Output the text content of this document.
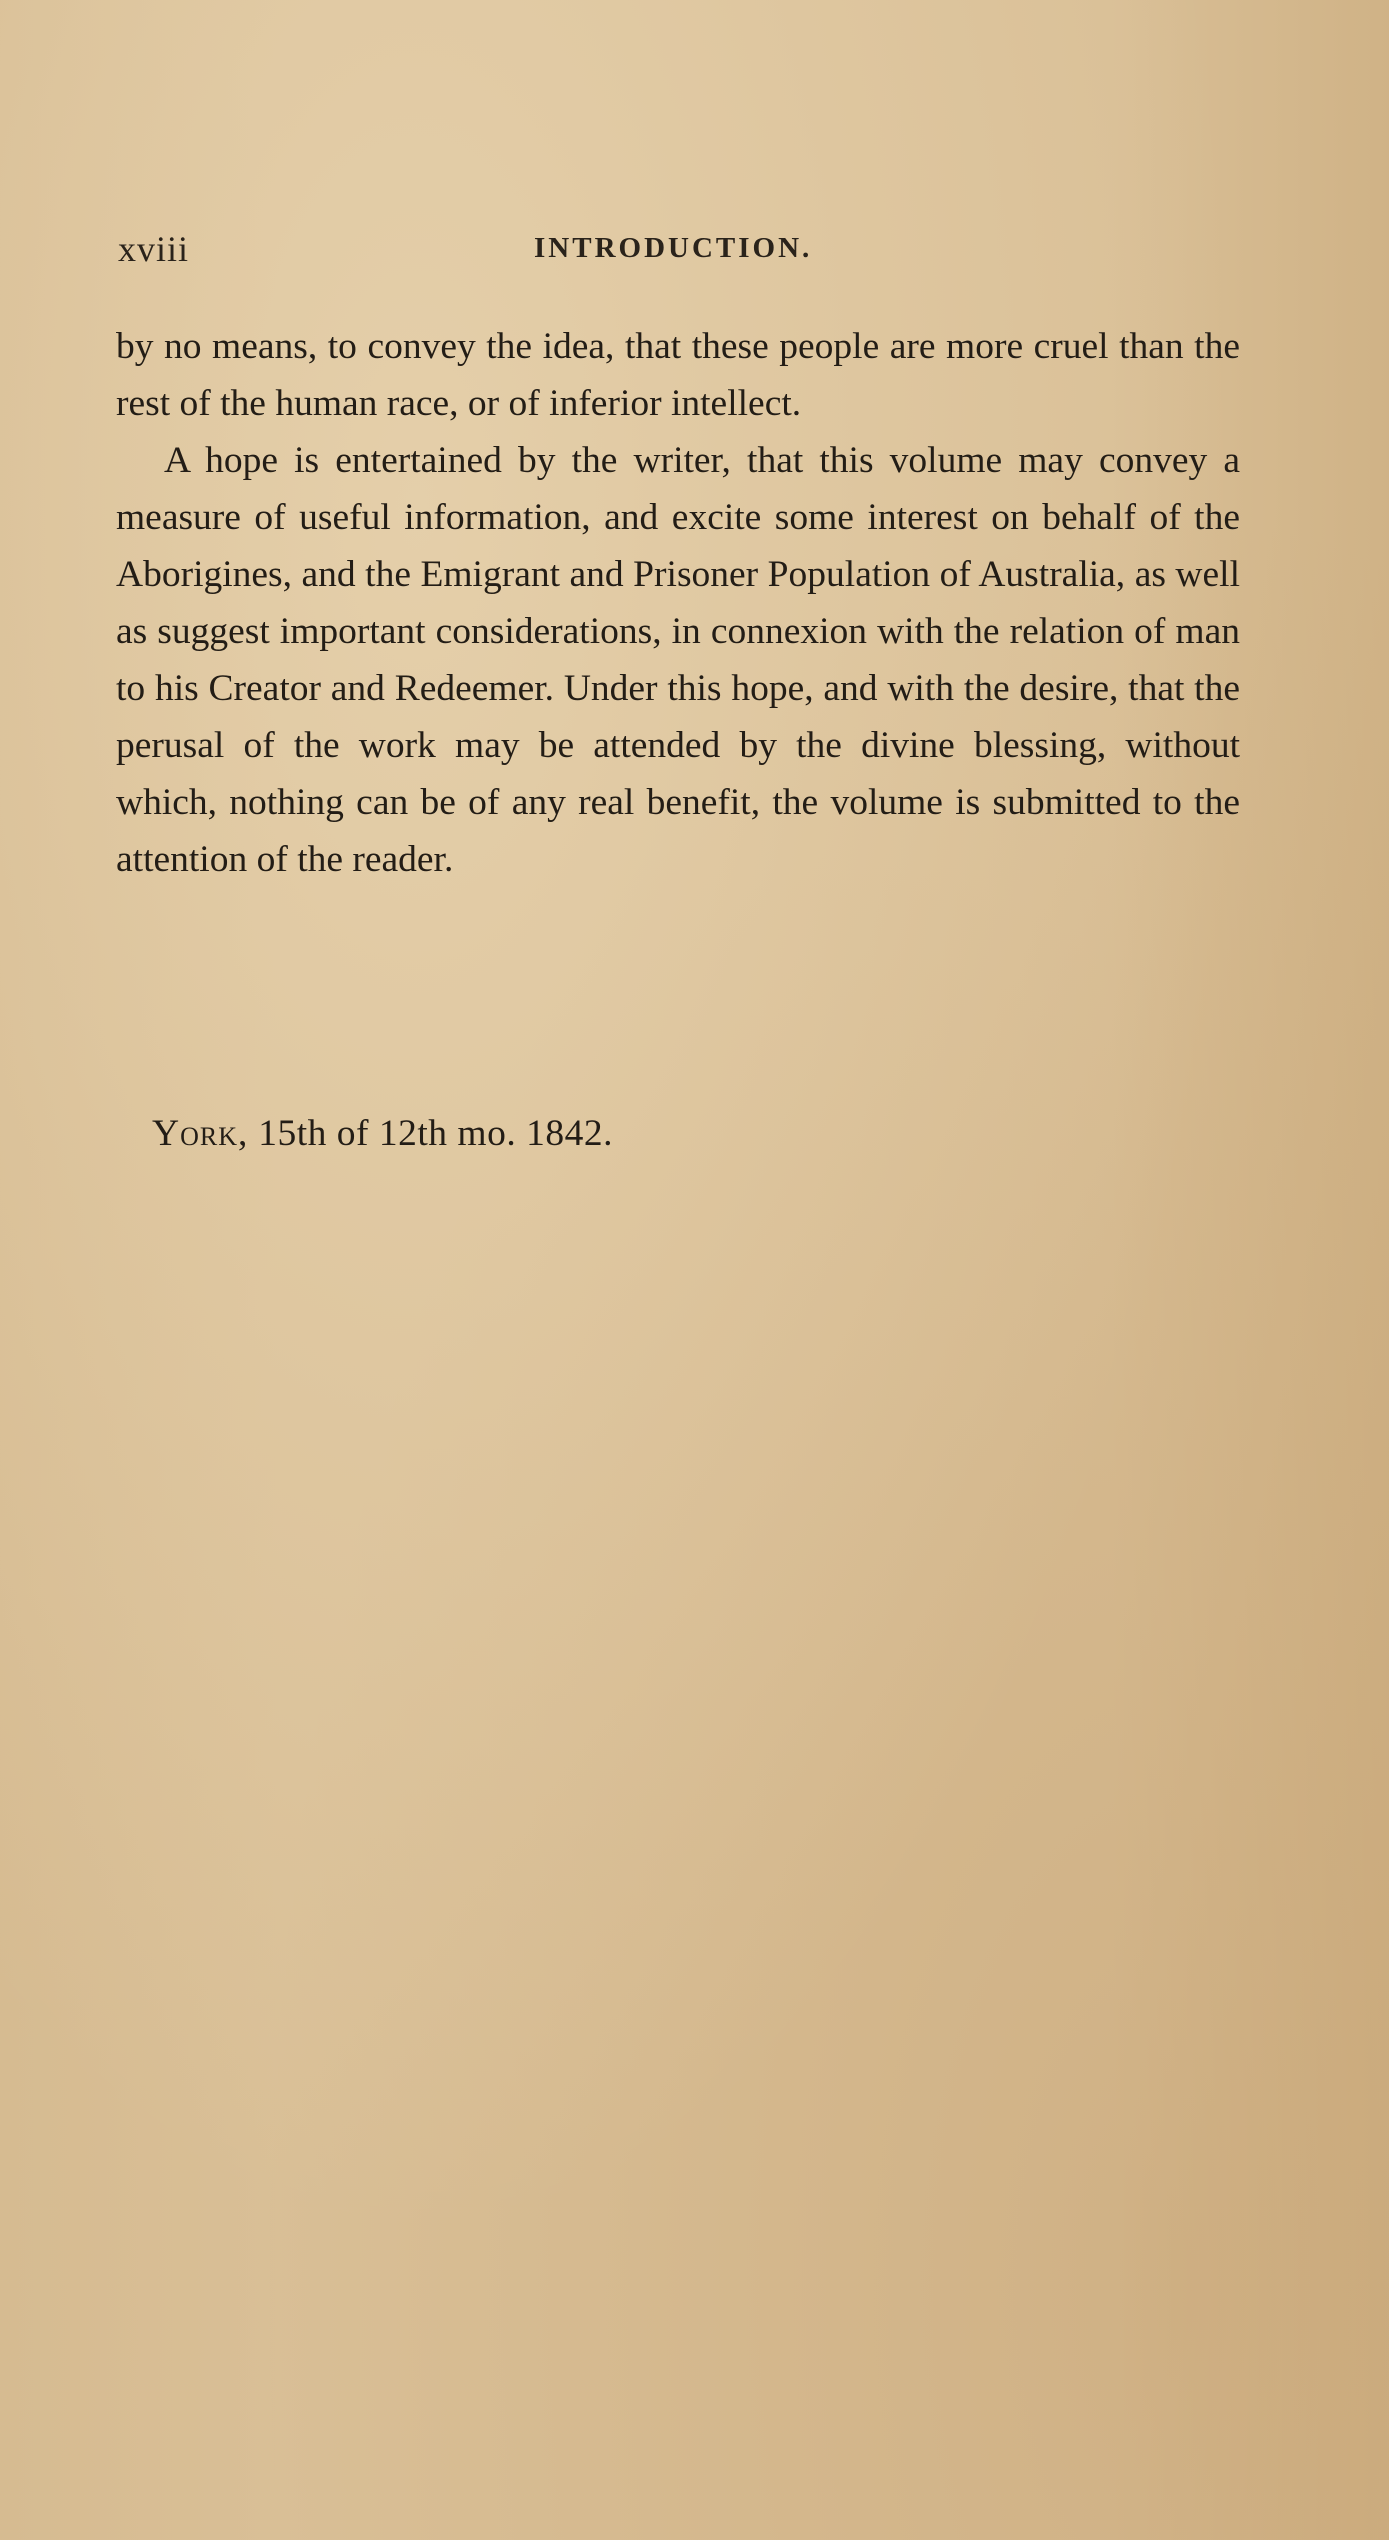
xviii	INTRODUCTION.

by no means, to convey the idea, that these people are more cruel than the rest of the human race, or of inferior intellect.

A hope is entertained by the writer, that this volume may convey a measure of useful information, and excite some interest on behalf of the Aborigines, and the Emigrant and Prisoner Population of Australia, as well as suggest important considerations, in connexion with the relation of man to his Creator and Redeemer. Under this hope, and with the desire, that the perusal of the work may be attended by the divine blessing, without which, nothing can be of any real benefit, the volume is submitted to the attention of the reader.

York, 15th of 12th mo. 1842.
